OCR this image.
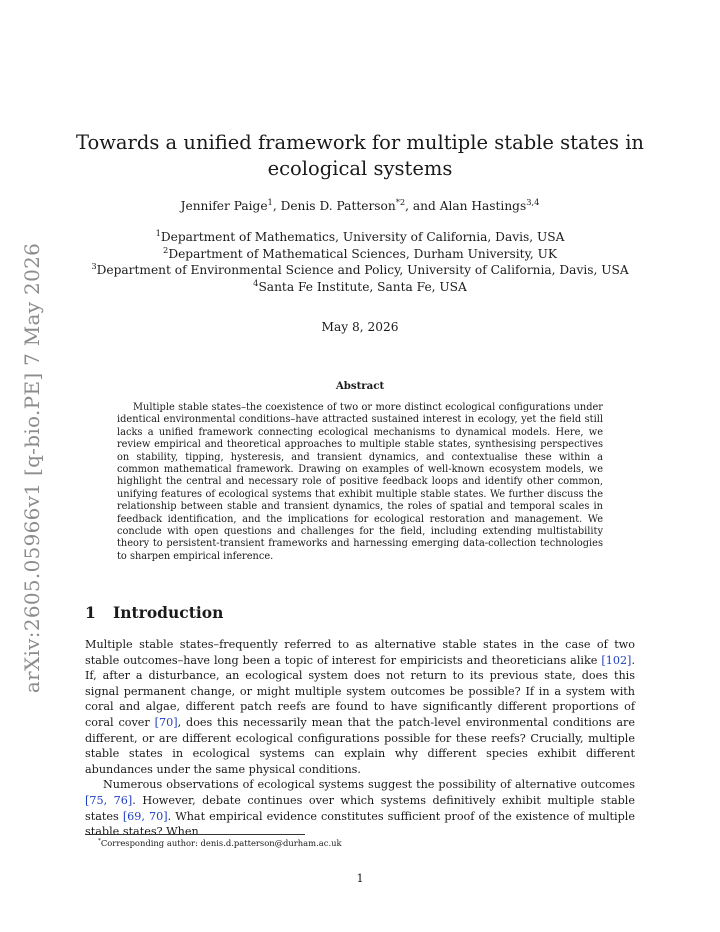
arXiv:2605.05966v1 [q-bio.PE] 7 May 2026
Towards a unified framework for multiple stable states in ecological systems
Jennifer Paige$^1$, Denis D. Patterson$^{*2}$, and Alan Hastings$^{3,4}$
$^1$Department of Mathematics, University of California, Davis, USA
$^2$Department of Mathematical Sciences, Durham University, UK
$^3$Department of Environmental Science and Policy, University of California, Davis, USA
$^4$Santa Fe Institute, Santa Fe, USA
May 8, 2026
Abstract
Multiple stable states–the coexistence of two or more distinct ecological configurations under identical environmental conditions–have attracted sustained interest in ecology, yet the field still lacks a unified framework connecting ecological mechanisms to dynamical models. Here, we review empirical and theoretical approaches to multiple stable states, synthesising perspectives on stability, tipping, hysteresis, and transient dynamics, and contextualise these within a common mathematical framework. Drawing on examples of well-known ecosystem models, we highlight the central and necessary role of positive feedback loops and identify other common, unifying features of ecological systems that exhibit multiple stable states. We further discuss the relationship between stable and transient dynamics, the roles of spatial and temporal scales in feedback identification, and the implications for ecological restoration and management. We conclude with open questions and challenges for the field, including extending multistability theory to persistent-transient frameworks and harnessing emerging data-collection technologies to sharpen empirical inference.
1 Introduction

Multiple stable states–frequently referred to as alternative stable states in the case of two stable outcomes–have long been a topic of interest for empiricists and theoreticians alike [102]. If, after a disturbance, an ecological system does not return to its previous state, does this signal permanent change, or might multiple system outcomes be possible? If in a system with coral and algae, different patch reefs are found to have significantly different proportions of coral cover [70], does this necessarily mean that the patch-level environmental conditions are different, or are different ecological configurations possible for these reefs? Crucially, multiple stable states in ecological systems can explain why different species exhibit different abundances under the same physical conditions.

Numerous observations of ecological systems suggest the possibility of alternative outcomes [75, 76]. However, debate continues over which systems definitively exhibit multiple stable states [69, 70]. What empirical evidence constitutes sufficient proof of the existence of multiple stable states? When

*Corresponding author: denis.d.patterson@durham.ac.uk
1
